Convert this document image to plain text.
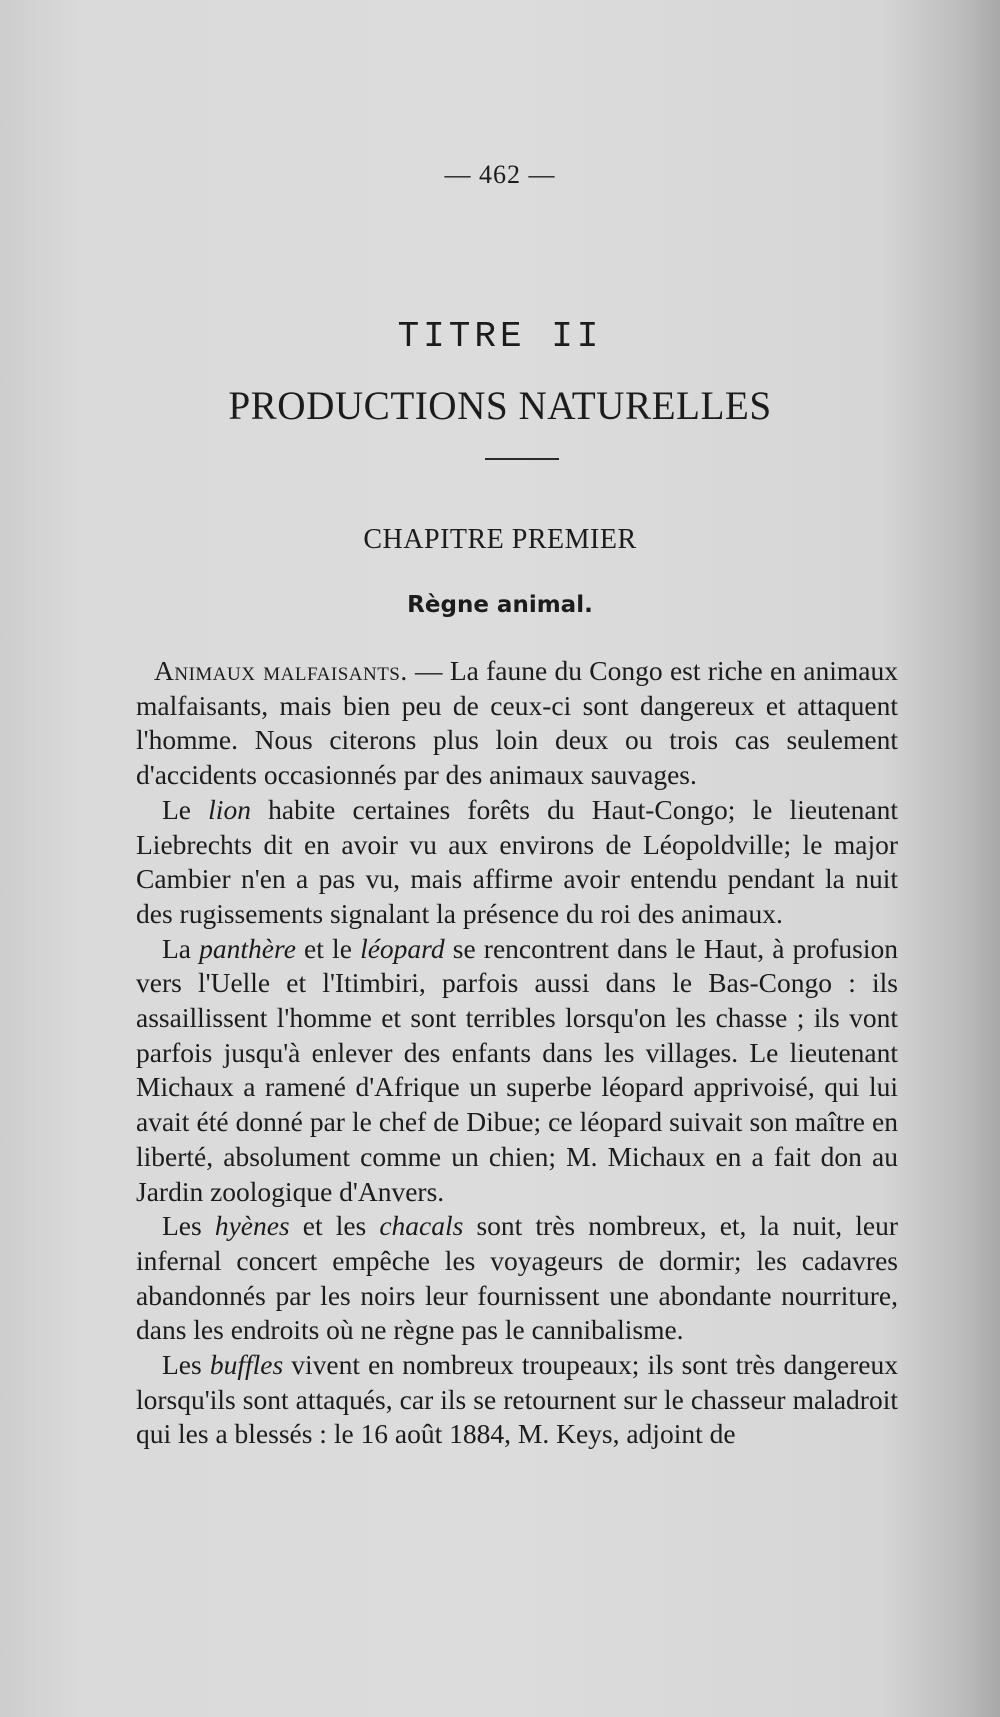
— 462 —
TITRE II
PRODUCTIONS NATURELLES
CHAPITRE PREMIER
Règne animal.

Animaux malfaisants. — La faune du Congo est riche en animaux malfaisants, mais bien peu de ceux-ci sont dangereux et attaquent l'homme. Nous citerons plus loin deux ou trois cas seulement d'accidents occasionnés par des animaux sauvages.

Le lion habite certaines forêts du Haut-Congo; le lieutenant Liebrechts dit en avoir vu aux environs de Léopoldville; le major Cambier n'en a pas vu, mais affirme avoir entendu pendant la nuit des rugissements signalant la présence du roi des animaux.

La panthère et le léopard se rencontrent dans le Haut, à profusion vers l'Uelle et l'Itimbiri, parfois aussi dans le Bas-Congo : ils assaillissent l'homme et sont terribles lorsqu'on les chasse ; ils vont parfois jusqu'à enlever des enfants dans les villages. Le lieutenant Michaux a ramené d'Afrique un superbe léopard apprivoisé, qui lui avait été donné par le chef de Dibue; ce léopard suivait son maître en liberté, absolument comme un chien; M. Michaux en a fait don au Jardin zoologique d'Anvers.

Les hyènes et les chacals sont très nombreux, et, la nuit, leur infernal concert empêche les voyageurs de dormir; les cadavres abandonnés par les noirs leur fournissent une abondante nourriture, dans les endroits où ne règne pas le cannibalisme.

Les buffles vivent en nombreux troupeaux; ils sont très dangereux lorsqu'ils sont attaqués, car ils se retournent sur le chasseur maladroit qui les a blessés : le 16 août 1884, M. Keys, adjoint de
